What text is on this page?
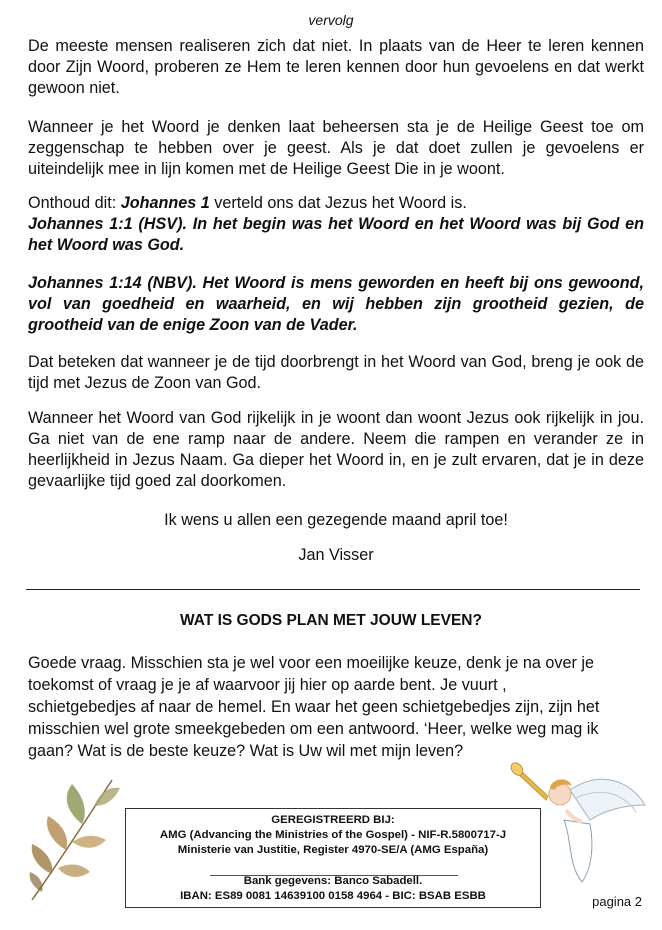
vervolg

De meeste mensen realiseren zich dat niet. In plaats van de Heer te leren kennen door Zijn Woord, proberen ze Hem te leren kennen door hun gevoelens en dat werkt gewoon niet.

Wanneer je het Woord je denken laat beheersen sta je de Heilige Geest toe om zeggenschap te hebben over je geest. Als je dat doet zullen je gevoelens er uiteindelijk mee in lijn komen met de Heilige Geest Die in je woont.

Onthoud dit: Johannes 1 verteld ons dat Jezus het Woord is.

Johannes 1:1 (HSV). In het begin was het Woord en het Woord was bij God en het Woord was God.

Johannes 1:14 (NBV). Het Woord is mens geworden en heeft bij ons gewoond, vol van goedheid en waarheid, en wij hebben zijn grootheid gezien, de grootheid van de enige Zoon van de Vader.

Dat beteken dat wanneer je de tijd doorbrengt in het Woord van God, breng je ook de tijd met Jezus de Zoon van God.

Wanneer het Woord van God rijkelijk in je woont dan woont Jezus ook rijkelijk in jou. Ga niet van de ene ramp naar de andere. Neem die rampen en verander ze in heerlijkheid in Jezus Naam. Ga dieper het Woord in, en je zult ervaren, dat je in deze gevaarlijke tijd goed zal doorkomen.

Ik wens u allen een gezegende maand april toe!
Jan Visser
WAT IS GODS PLAN MET JOUW LEVEN?

Goede vraag. Misschien sta je wel voor een moeilijke keuze, denk je na over je

toekomst of vraag je je af waarvoor jij hier op aarde bent. Je vuurt ,

schietgebedjes af naar de hemel. En waar het geen schietgebedjes zijn, zijn het

misschien wel grote smeekgebeden om een antwoord. ‘Heer, welke weg mag ik

gaan? Wat is de beste keuze? Wat is Uw wil met mijn leven?

GEREGISTREERD BIJ:
AMG (Advancing the Ministries of the Gospel) - NIF-R.5800717-J
Ministerie van Justitie, Register 4970-SE/A (AMG España)
Bank gegevens: Banco Sabadell.
IBAN: ES89 0081 14639100 0158 4964 - BIC: BSAB ESBB	pagina 2
